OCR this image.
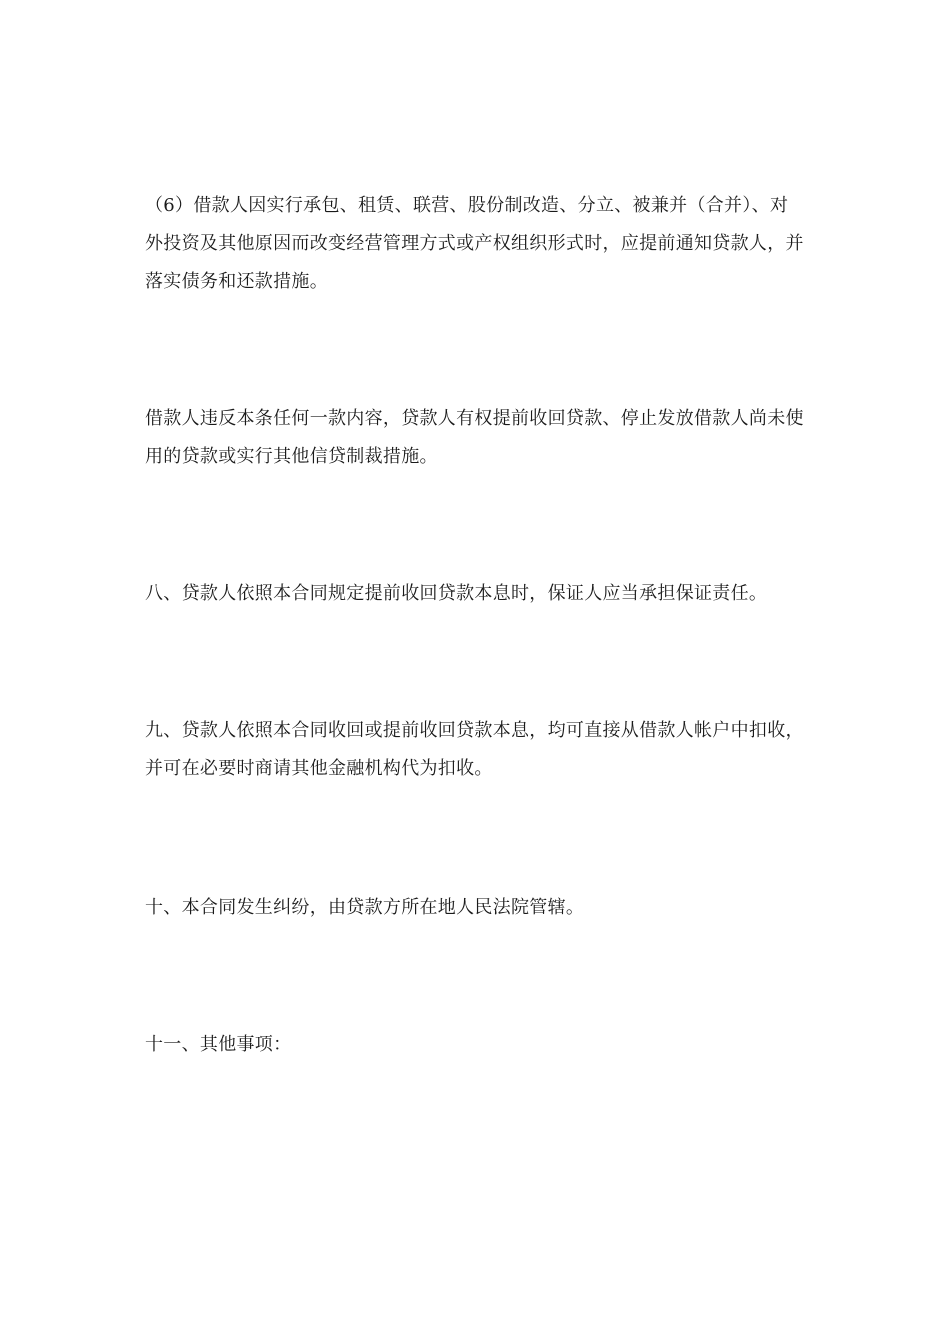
（6）借款人因实行承包、租赁、联营、股份制改造、分立、被兼并（合并）、对外投资及其他原因而改变经营管理方式或产权组织形式时，应提前通知贷款人，并落实债务和还款措施。

借款人违反本条任何一款内容，贷款人有权提前收回贷款、停止发放借款人尚未使用的贷款或实行其他信贷制裁措施。

八、贷款人依照本合同规定提前收回贷款本息时，保证人应当承担保证责任。

九、贷款人依照本合同收回或提前收回贷款本息，均可直接从借款人帐户中扣收，并可在必要时商请其他金融机构代为扣收。

十、本合同发生纠纷，由贷款方所在地人民法院管辖。

十一、其他事项：
